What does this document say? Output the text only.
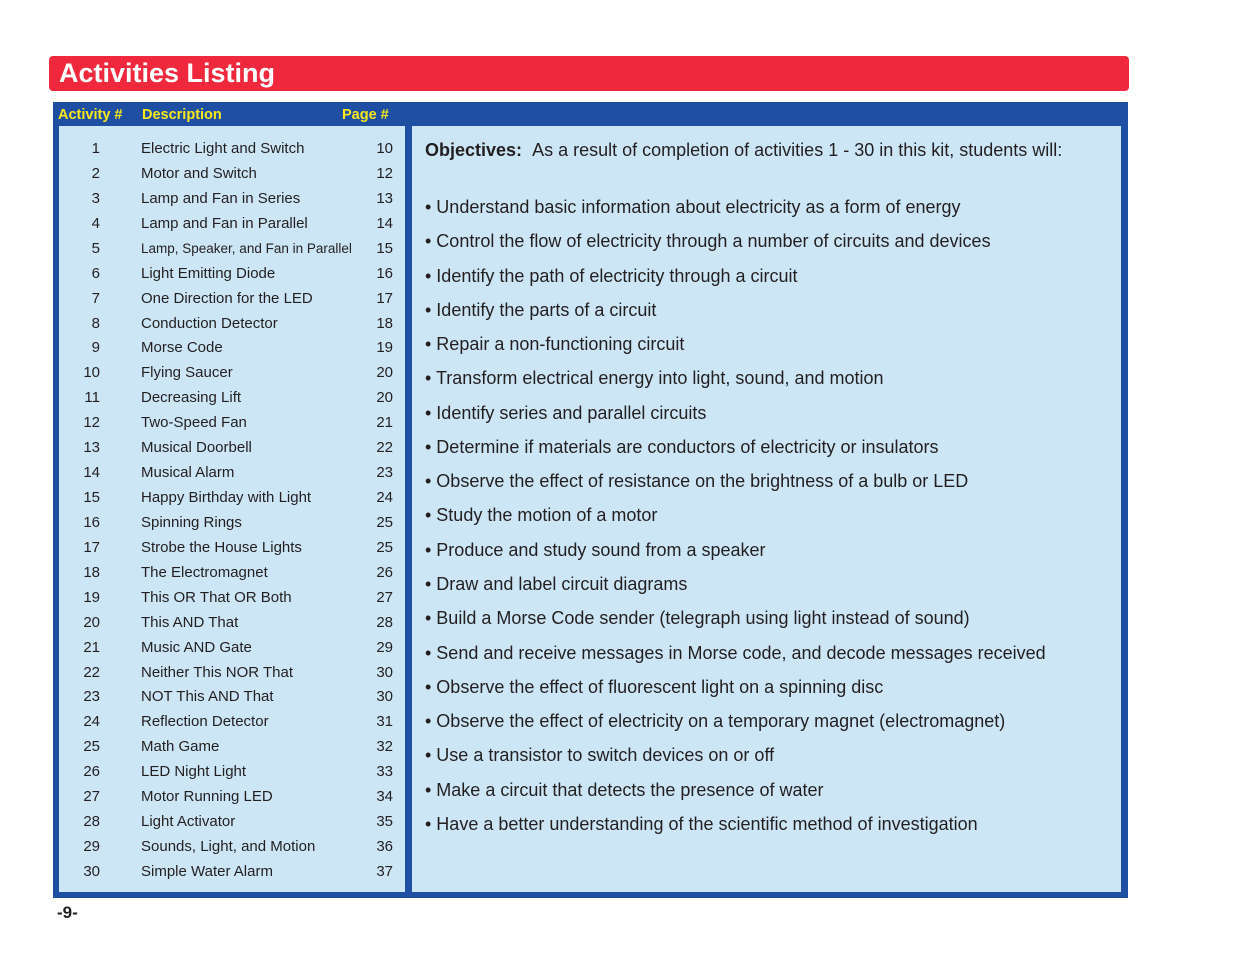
Activities Listing
Activity # Description	Page #
1	Electric Light and Switch	10
2	Motor and Switch	12
3	Lamp and Fan in Series	13
4	Lamp and Fan in Parallel	14
5	Lamp, Speaker, and Fan in Parallel 15
6	Light Emitting Diode	16
7	One Direction for the LED	17
8	Conduction Detector	18
9	Morse Code	19
10	Flying Saucer	20
11	Decreasing Lift	20
12	Two-Speed Fan	21
13	Musical Doorbell	22
14	Musical Alarm	23
15	Happy Birthday with Light	24
16	Spinning Rings	25
17	Strobe the House Lights	25
18	The Electromagnet	26
19	This OR That OR Both	27
20	This AND That	28
21	Music AND Gate	29
22	Neither This NOR That	30
23	NOT This AND That	30
24	Reflection Detector	31
25	Math Game	32
26	LED Night Light	33
27	Motor Running LED	34
28	Light Activator	35
29	Sounds, Light, and Motion	36
30	Simple Water Alarm	37
Objectives: As a result of completion of activities 1 - 30 in this kit, students will:
• Understand basic information about electricity as a form of energy
• Control the flow of electricity through a number of circuits and devices
• Identify the path of electricity through a circuit
• Identify the parts of a circuit
• Repair a non-functioning circuit
• Transform electrical energy into light, sound, and motion
• Identify series and parallel circuits
• Determine if materials are conductors of electricity or insulators
• Observe the effect of resistance on the brightness of a bulb or LED
• Study the motion of a motor
• Produce and study sound from a speaker
• Draw and label circuit diagrams
• Build a Morse Code sender (telegraph using light instead of sound)
• Send and receive messages in Morse code, and decode messages received
• Observe the effect of fluorescent light on a spinning disc
• Observe the effect of electricity on a temporary magnet (electromagnet)
• Use a transistor to switch devices on or off
• Make a circuit that detects the presence of water
• Have a better understanding of the scientific method of investigation
-9-
